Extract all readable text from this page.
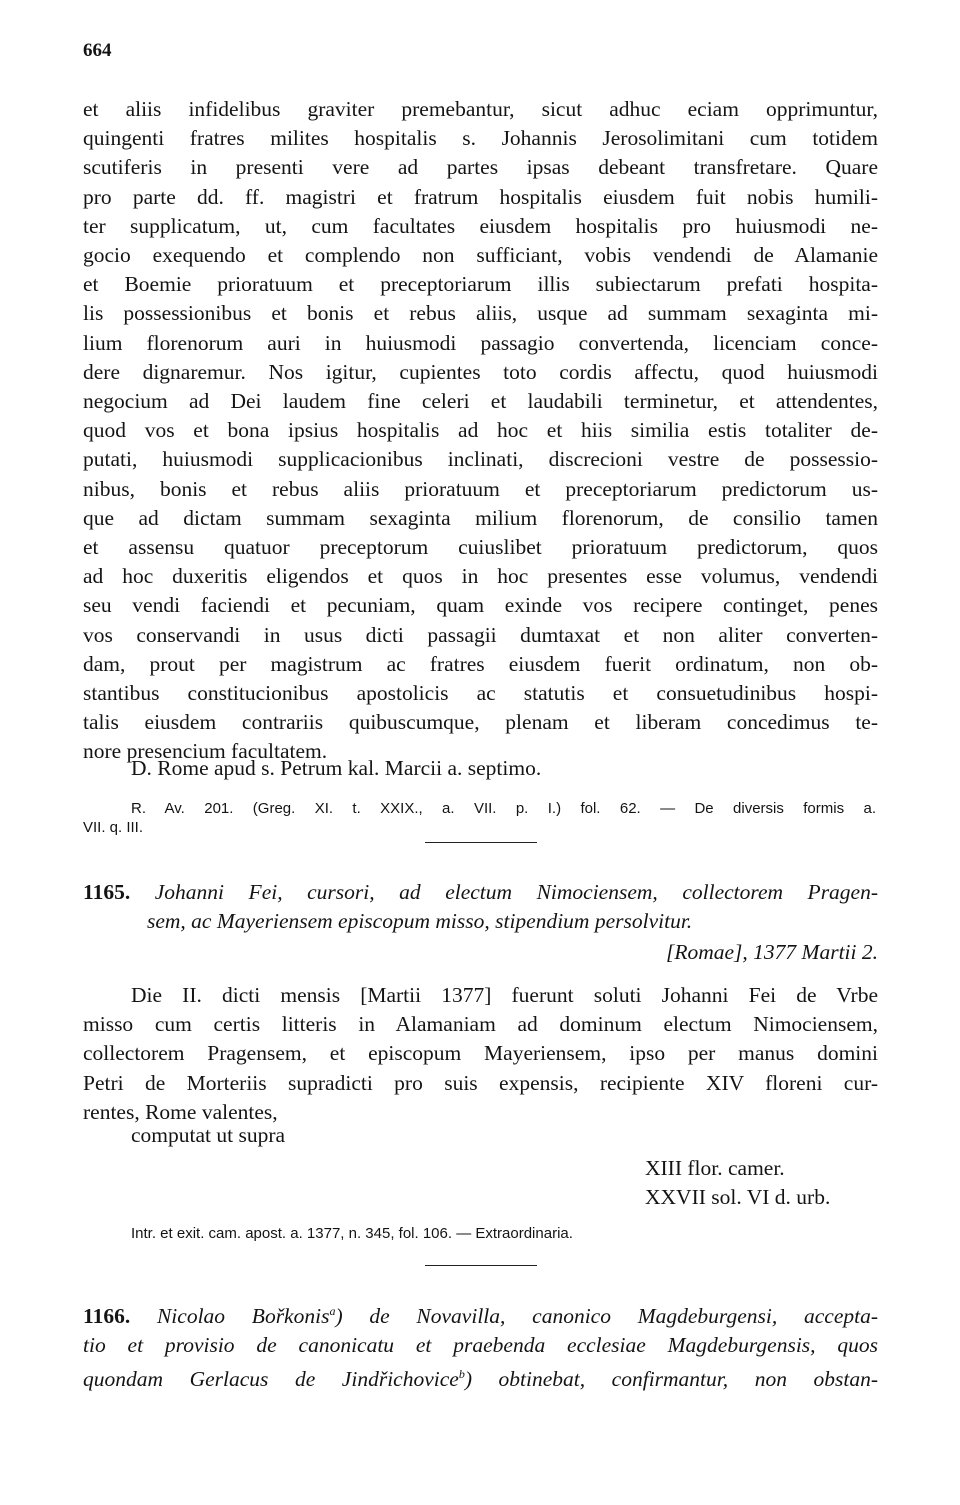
664
et aliis infidelibus graviter premebantur, sicut adhuc eciam opprimuntur,
quingenti fratres milites hospitalis s. Johannis Jerosolimitani cum totidem
scutiferis in presenti vere ad partes ipsas debeant transfretare. Quare
pro parte dd. ff. magistri et fratrum hospitalis eiusdem fuit nobis humili-
ter supplicatum, ut, cum facultates eiusdem hospitalis pro huiusmodi ne-
gocio exequendo et complendo non sufficiant, vobis vendendi de Alamanie
et Boemie prioratuum et preceptoriarum illis subiectarum prefati hospita-
lis possessionibus et bonis et rebus aliis, usque ad summam sexaginta mi-
lium florenorum auri in huiusmodi passagio convertenda, licenciam conce-
dere dignaremur. Nos igitur, cupientes toto cordis affectu, quod huiusmodi
negocium ad Dei laudem fine celeri et laudabili terminetur, et attendentes,
quod vos et bona ipsius hospitalis ad hoc et hiis similia estis totaliter de-
putati, huiusmodi supplicacionibus inclinati, discrecioni vestre de possessio-
nibus, bonis et rebus aliis prioratuum et preceptoriarum predictorum us-
que ad dictam summam sexaginta milium florenorum, de consilio tamen
et assensu quatuor preceptorum cuiuslibet prioratuum predictorum, quos
ad hoc duxeritis eligendos et quos in hoc presentes esse volumus, vendendi
seu vendi faciendi et pecuniam, quam exinde vos recipere continget, penes
vos conservandi in usus dicti passagii dumtaxat et non aliter converten-
dam, prout per magistrum ac fratres eiusdem fuerit ordinatum, non ob-
stantibus constitucionibus apostolicis ac statutis et consuetudinibus hospi-
talis eiusdem contrariis quibuscumque, plenam et liberam concedimus te-
nore presencium facultatem.
D. Rome apud s. Petrum kal. Marcii a. septimo.
R. Av. 201. (Greg. XI. t. XXIX., a. VII. p. I.) fol. 62. — De diversis formis a.
VII. q. III.
1165. Johanni Fei, cursori, ad electum Nimociensem, collectorem Pragen-
sem, ac Mayeriensem episcopum misso, stipendium persolvitur.
[Romae], 1377 Martii 2.
Die II. dicti mensis [Martii 1377] fuerunt soluti Johanni Fei de Vrbe
misso cum certis litteris in Alamaniam ad dominum electum Nimociensem,
collectorem Pragensem, et episcopum Mayeriensem, ipso per manus domini
Petri de Morteriis supradicti pro suis expensis, recipiente XIV floreni cur-
rentes, Rome valentes,
computat ut supra
XIII flor. camer.
XXVII sol. VI d. urb.
Intr. et exit. cam. apost. a. 1377, n. 345, fol. 106. — Extraordinaria.
1166. Nicolao Bořkonis$^a$) de Novavilla, canonico Magdeburgensi, accepta-
tio et provisio de canonicatu et praebenda ecclesiae Magdeburgensis, quos
quondam Gerlacus de Jindřichovice$^b$) obtinebat, confirmantur, non obstan-
